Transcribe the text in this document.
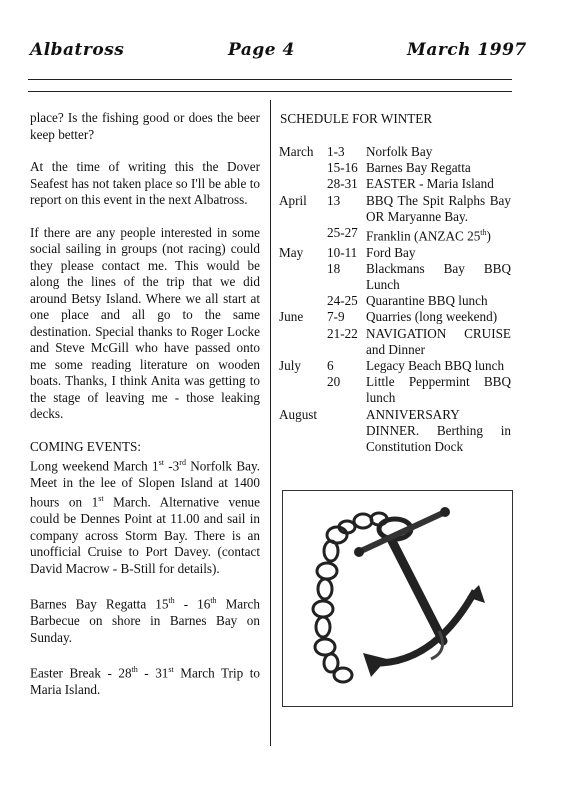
Albatross	Page 4	March 1997

place? Is the fishing good or does the beer keep better?

At the time of writing this the Dover Seafest has not taken place so I'll be able to report on this event in the next Albatross.

If there are any people interested in some social sailing in groups (not racing) could they please contact me. This would be along the lines of the trip that we did around Betsy Island. Where we all start at one place and all go to the same destination. Special thanks to Roger Locke and Steve McGill who have passed onto me some reading literature on wooden boats. Thanks, I think Anita was getting to the stage of leaving me - those leaking decks.

COMING EVENTS:

Long weekend March 1st -3rd Norfolk Bay. Meet in the lee of Slopen Island at 1400 hours on 1st March. Alternative venue could be Dennes Point at 11.00 and sail in company across Storm Bay. There is an unofficial Cruise to Port Davey. (contact David Macrow - B-Still for details).

Barnes Bay Regatta 15th - 16th March Barbecue on shore in Barnes Bay on Sunday.

Easter Break - 28th - 31st March Trip to Maria Island.

SCHEDULE FOR WINTER
March	1-3	Norfolk Bay
15-16 Barnes Bay Regatta
28-31 EASTER - Maria Island
April	13	BBQ The Spit Ralphs Bay OR Maryanne Bay.
25-27 Franklin (ANZAC 25th)
May	10-11 Ford Bay
18	Blackmans Bay BBQ Lunch
24-25 Quarantine BBQ lunch
June	7-9	Quarries (long weekend)
21-22 NAVIGATION CRUISE and Dinner
July	6	Legacy Beach BBQ lunch
20	Little Peppermint BBQ lunch
August	ANNIVERSARY DINNER. Berthing in Constitution Dock
